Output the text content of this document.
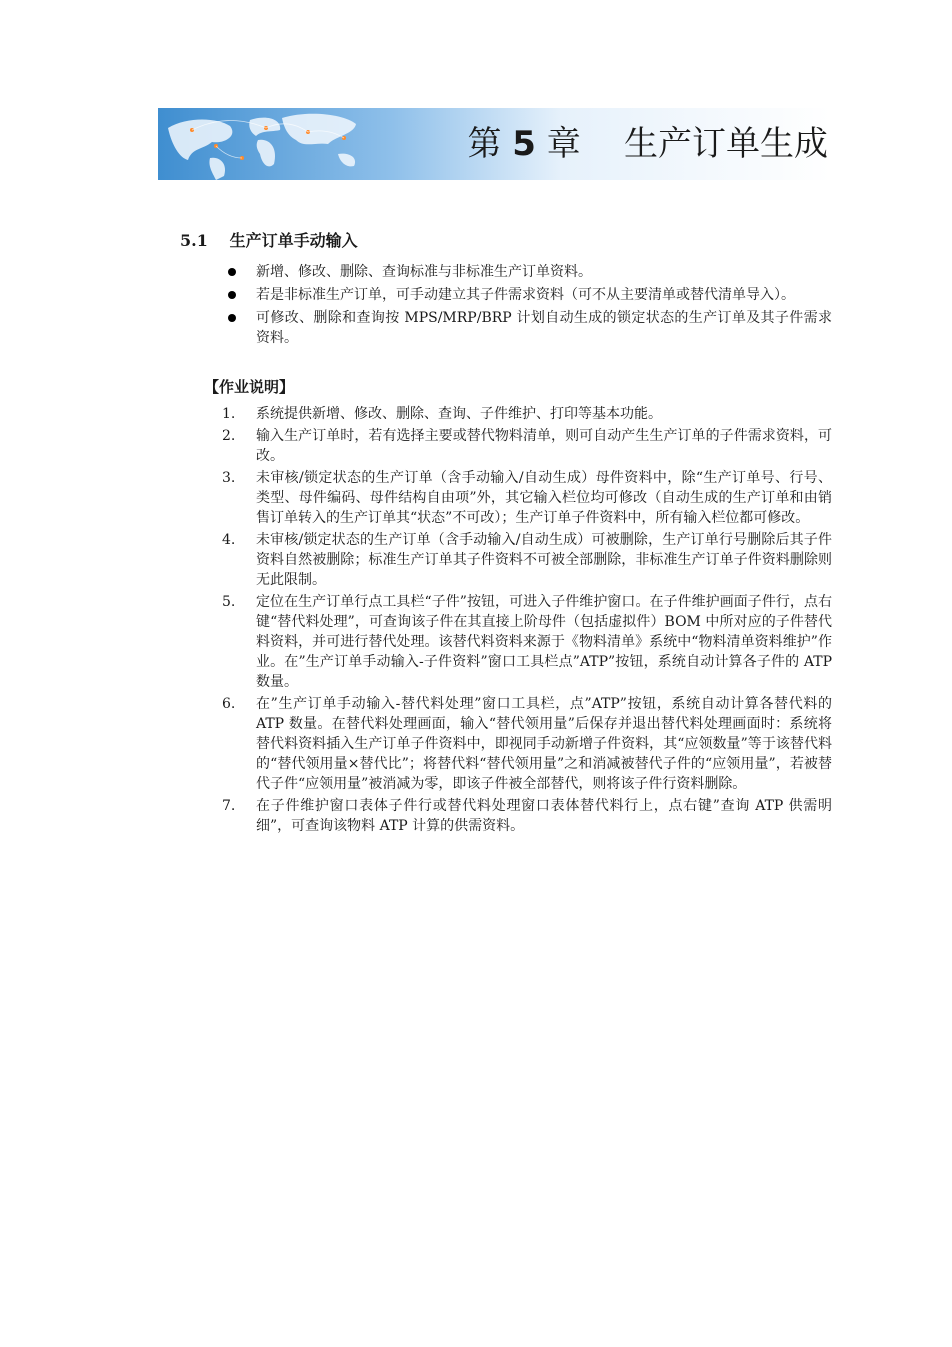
第 5 章 生产订单生成
5.1 生产订单手动输入
新增、修改、删除、查询标准与非标准生产订单资料。
若是非标准生产订单，可手动建立其子件需求资料（可不从主要清单或替代清单导入）。
可修改、删除和查询按 MPS/MRP/BRP 计划自动生成的锁定状态的生产订单及其子件需求资料。
【作业说明】
1. 系统提供新增、修改、删除、查询、子件维护、打印等基本功能。
2. 输入生产订单时，若有选择主要或替代物料清单，则可自动产生生产订单的子件需求资料，可改。
3. 未审核/锁定状态的生产订单（含手动输入/自动生成）母件资料中，除“生产订单号、行号、类型、母件编码、母件结构自由项”外，其它输入栏位均可修改（自动生成的生产订单和由销售订单转入的生产订单其“状态”不可改）；生产订单子件资料中，所有输入栏位都可修改。
4. 未审核/锁定状态的生产订单（含手动输入/自动生成）可被删除，生产订单行号删除后其子件资料自然被删除；标准生产订单其子件资料不可被全部删除，非标准生产订单子件资料删除则无此限制。
5. 定位在生产订单行点工具栏“子件”按钮，可进入子件维护窗口。在子件维护画面子件行，点右键“替代料处理”，可查询该子件在其直接上阶母件（包括虚拟件）BOM 中所对应的子件替代料资料，并可进行替代处理。该替代料资料来源于《物料清单》系统中“物料清单资料维护”作业。在”生产订单手动输入-子件资料”窗口工具栏点”ATP”按钮，系统自动计算各子件的 ATP 数量。
6. 在”生产订单手动输入-替代料处理”窗口工具栏，点”ATP”按钮，系统自动计算各替代料的 ATP 数量。在替代料处理画面，输入“替代领用量”后保存并退出替代料处理画面时：系统将替代料资料插入生产订单子件资料中，即视同手动新增子件资料，其“应领数量”等于该替代料的“替代领用量×替代比”；将替代料“替代领用量”之和消减被替代子件的“应领用量”，若被替代子件“应领用量”被消减为零，即该子件被全部替代，则将该子件行资料删除。
7. 在子件维护窗口表体子件行或替代料处理窗口表体替代料行上，点右键”查询 ATP 供需明细”，可查询该物料 ATP 计算的供需资料。
